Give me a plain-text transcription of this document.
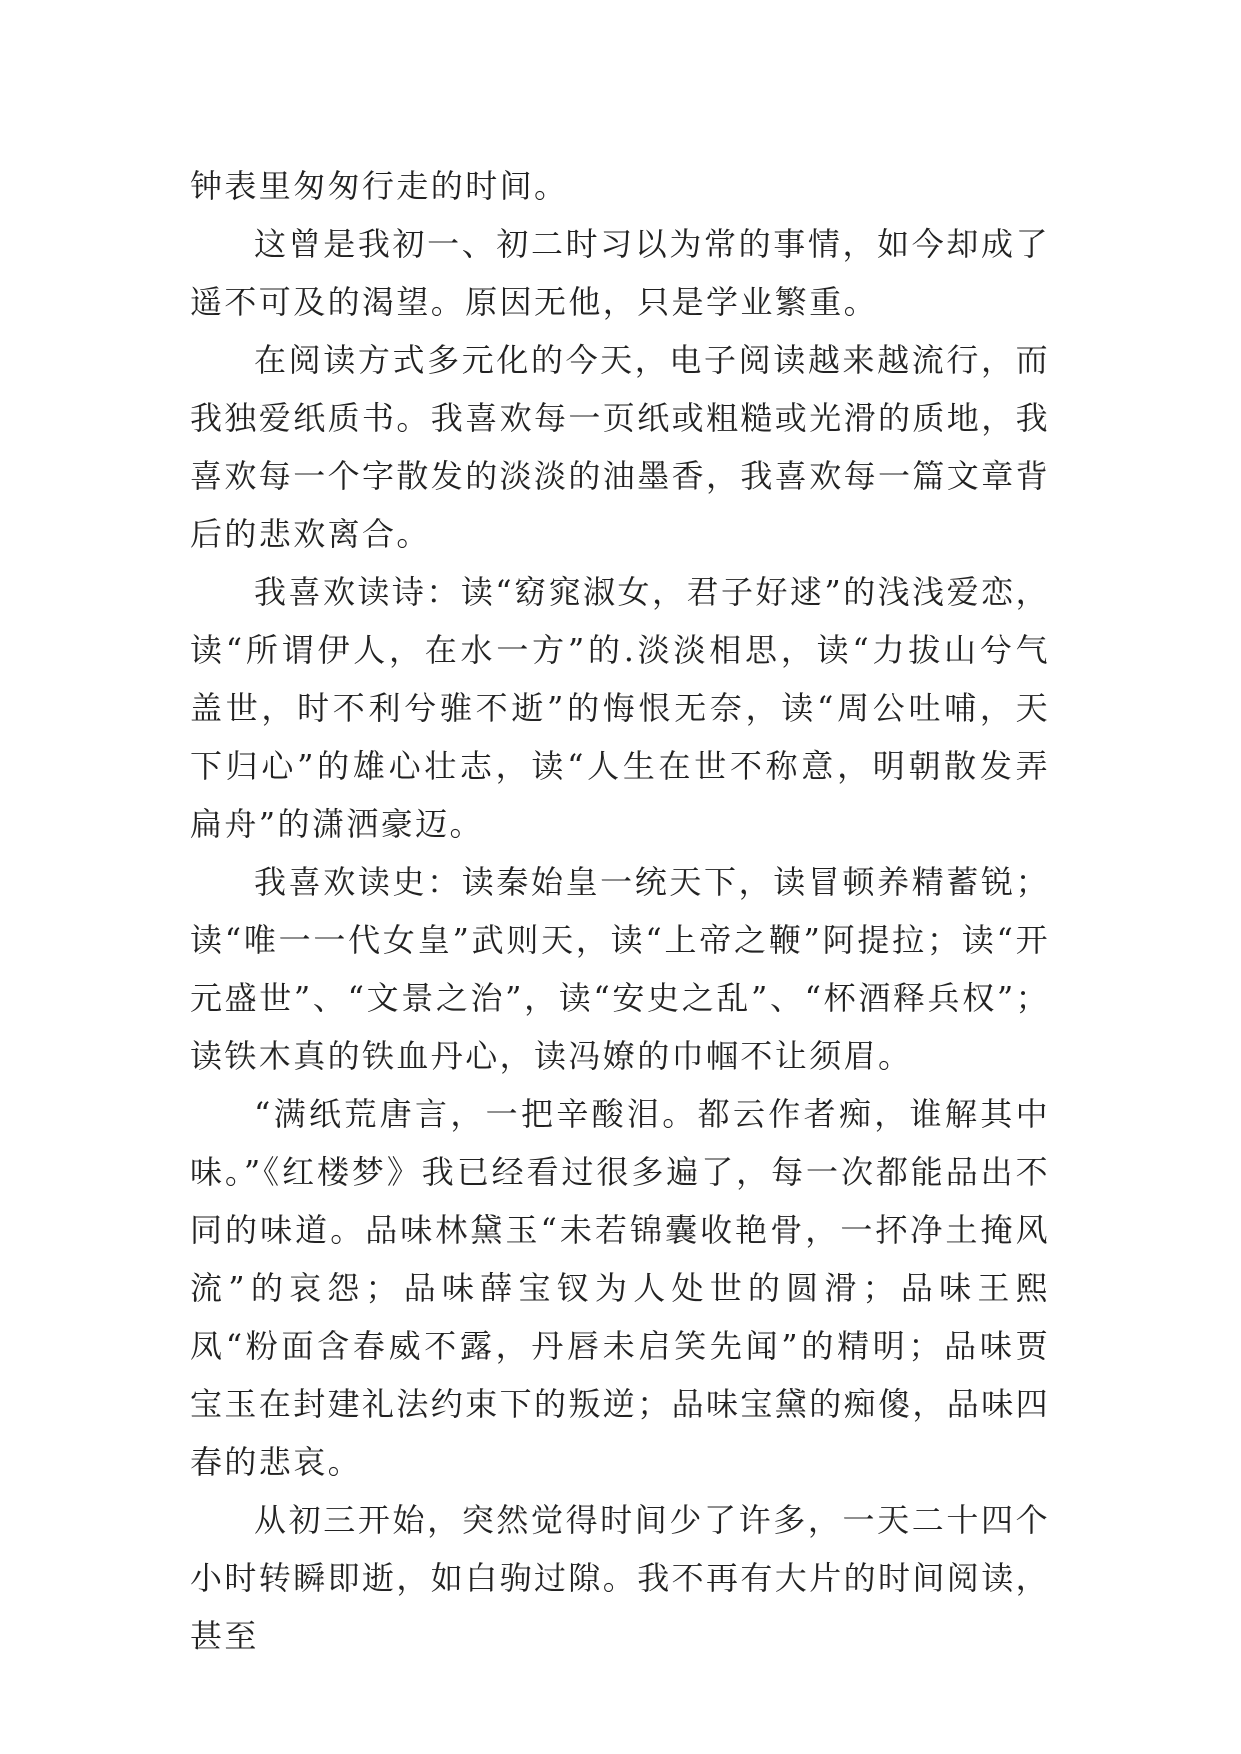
钟表里匆匆行走的时间。

这曾是我初一、初二时习以为常的事情，如今却成了遥不可及的渴望。原因无他，只是学业繁重。

在阅读方式多元化的今天，电子阅读越来越流行，而我独爱纸质书。我喜欢每一页纸或粗糙或光滑的质地，我喜欢每一个字散发的淡淡的油墨香，我喜欢每一篇文章背后的悲欢离合。

我喜欢读诗：读“窈窕淑女，君子好逑”的浅浅爱恋，读“所谓伊人，在水一方”的.淡淡相思，读“力拔山兮气盖世，时不利兮骓不逝”的悔恨无奈，读“周公吐哺，天下归心”的雄心壮志，读“人生在世不称意，明朝散发弄扁舟”的潇洒豪迈。

我喜欢读史：读秦始皇一统天下，读冒顿养精蓄锐；读“唯一一代女皇”武则天，读“上帝之鞭”阿提拉；读“开元盛世”、“文景之治”，读“安史之乱”、“杯酒释兵权”；读铁木真的铁血丹心，读冯嫽的巾帼不让须眉。

“满纸荒唐言，一把辛酸泪。都云作者痴，谁解其中味。”《红楼梦》我已经看过很多遍了，每一次都能品出不同的味道。品味林黛玉“未若锦囊收艳骨，一抔净土掩风流”的哀怨；品味薛宝钗为人处世的圆滑；品味王熙凤“粉面含春威不露，丹唇未启笑先闻”的精明；品味贾宝玉在封建礼法约束下的叛逆；品味宝黛的痴傻，品味四春的悲哀。

从初三开始，突然觉得时间少了许多，一天二十四个小时转瞬即逝，如白驹过隙。我不再有大片的时间阅读，甚至
